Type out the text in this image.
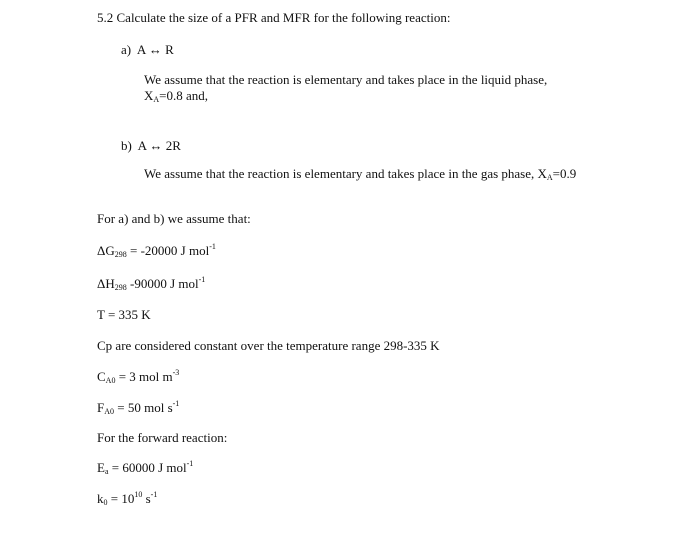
5.2 Calculate the size of a PFR and MFR for the following reaction:
a) A ↔ R
We assume that the reaction is elementary and takes place in the liquid phase,
$X_A=0.8$ and,
b) A ↔ 2R
We assume that the reaction is elementary and takes place in the gas phase, $X_A=0.9$
For a) and b) we assume that:
$\Delta G_{298} = -20000$ J mol$^{-1}$
$\Delta H_{298}$ -90000 J mol$^{-1}$
T = 335 K
Cp are considered constant over the temperature range 298-335 K
$C_{A0} = 3$ mol $m^{-3}$
$F_{A0} = 50$ mol $s^{-1}$
For the forward reaction:
$E_a = 60000$ J mol$^{-1}$
$k_0 = 10^{10}$ $s^{-1}$
